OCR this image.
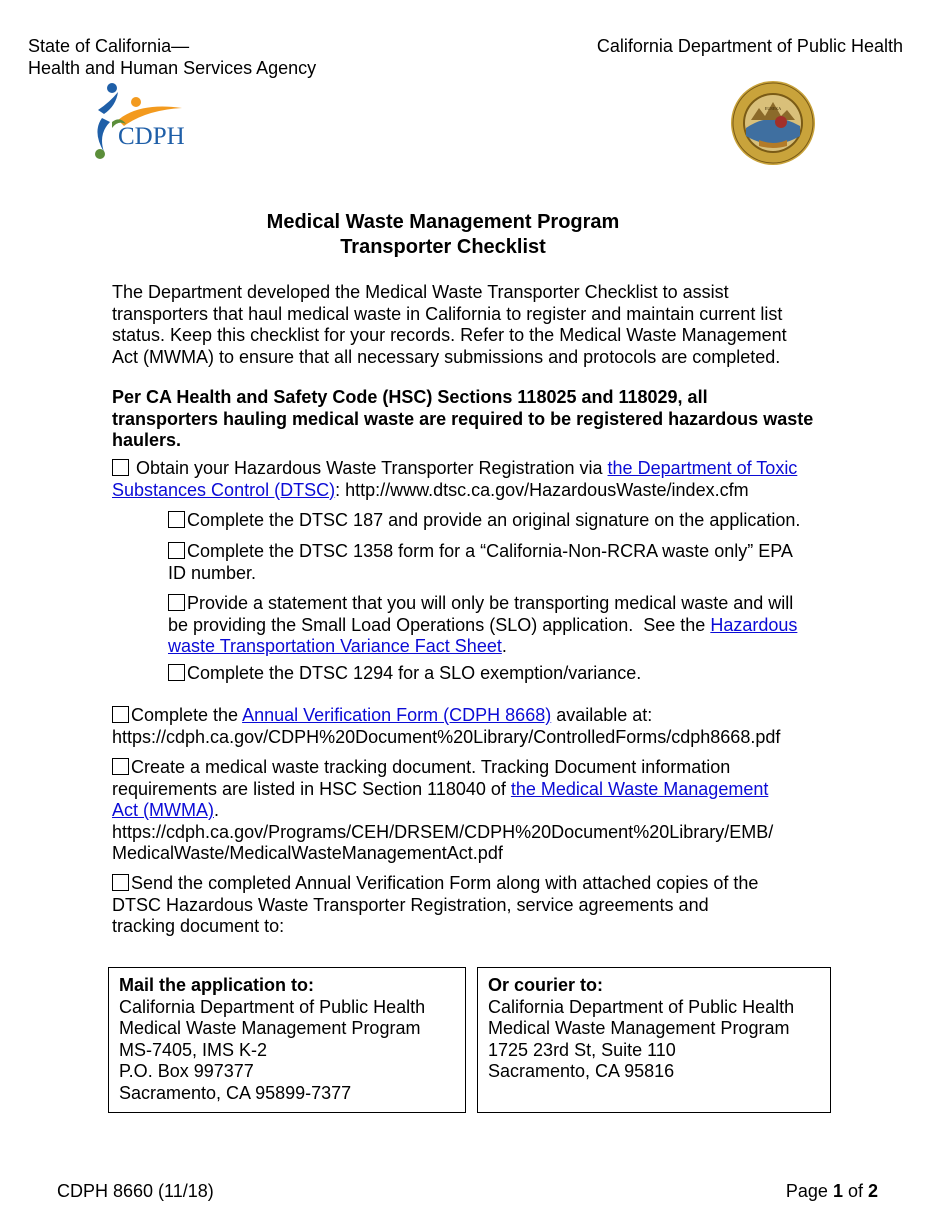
State of California—
Health and Human Services Agency
California Department of Public Health
CDPH
EUREKA
Medical Waste Management Program
Transporter Checklist
The Department developed the Medical Waste Transporter Checklist to assist
transporters that haul medical waste in California to register and maintain current list
status. Keep this checklist for your records. Refer to the Medical Waste Management
Act (MWMA) to ensure that all necessary submissions and protocols are completed.
Per CA Health and Safety Code (HSC) Sections 118025 and 118029, all
transporters hauling medical waste are required to be registered hazardous waste
haulers.
Obtain your Hazardous Waste Transporter Registration via the Department of Toxic
Substances Control (DTSC): http://www.dtsc.ca.gov/HazardousWaste/index.cfm
Complete the DTSC 187 and provide an original signature on the application.
Complete the DTSC 1358 form for a “California-Non-RCRA waste only” EPA
ID number.
Provide a statement that you will only be transporting medical waste and will
be providing the Small Load Operations (SLO) application.  See the Hazardous
waste Transportation Variance Fact Sheet.
Complete the DTSC 1294 for a SLO exemption/variance.
Complete the Annual Verification Form (CDPH 8668) available at:
https://cdph.ca.gov/CDPH%20Document%20Library/ControlledForms/cdph8668.pdf
Create a medical waste tracking document. Tracking Document information
requirements are listed in HSC Section 118040 of the Medical Waste Management
Act (MWMA).
https://cdph.ca.gov/Programs/CEH/DRSEM/CDPH%20Document%20Library/EMB/
MedicalWaste/MedicalWasteManagementAct.pdf
Send the completed Annual Verification Form along with attached copies of the
DTSC Hazardous Waste Transporter Registration, service agreements and
tracking document to:
Mail the application to:
California Department of Public Health
Medical Waste Management Program
MS-7405, IMS K-2
P.O. Box 997377
Sacramento, CA 95899-7377
Or courier to:
California Department of Public Health
Medical Waste Management Program
1725 23rd St, Suite 110
Sacramento, CA 95816
CDPH 8660 (11/18)	Page 1 of 2
